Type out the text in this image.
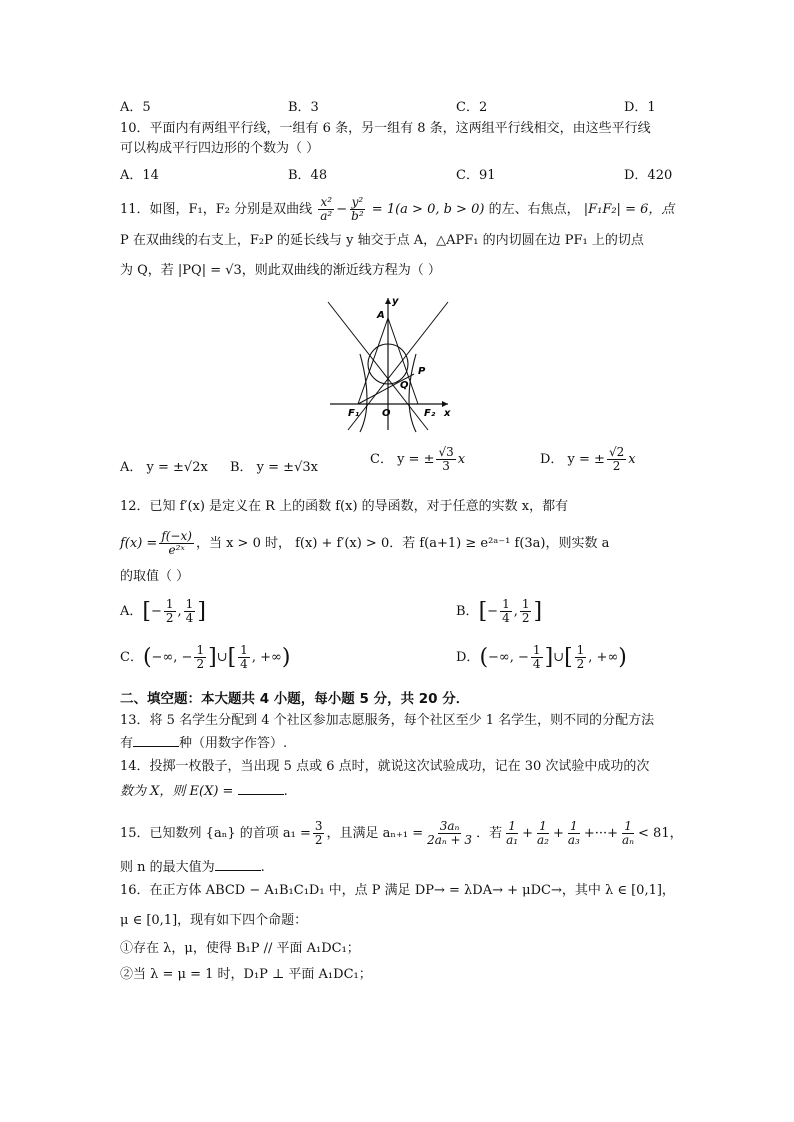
A．5	B．3	C．2	D．1
10．平面内有两组平行线，一组有 6 条，另一组有 8 条，这两组平行线相交，由这些平行线
可以构成平行四边形的个数为（ ）
A．14	B．48	C．91	D．420
11．如图，F₁，F₂ 分别是双曲线 $\frac{\text{x²}}{\text{a²}} - \frac{\text{y²}}{\text{b²}} = 1(a > 0$, b > 0) 的左、右焦点， |F₁F₂| = 6，点
P 在双曲线的右支上，F₂P 的延长线与 y 轴交于点 A，△APF₁ 的内切圆在边 PF₁ 上的切点
为 Q，若 |PQ| = √3，则此双曲线的渐近线方程为（ ）
y
x
A
O
Q
P
F₁	F₂
A． y = ±√2x B． y = ±√3x
C． y = ± $\frac{√3}{3}$ x	D． y = ± $\frac{√2}{2}$ x
12．已知 f′(x) 是定义在 R 上的函数 f(x) 的导函数，对于任意的实数 x，都有
$f(x) = \frac{f(-x)}{\text{e²ˣ}}$ ，当 x > 0 时， f(x) + f′(x) > 0．若 f(a+1) ≥ e²ᵃ⁻¹ f(3a)，则实数 a
的取值（ ）
A．[− $\frac{1}{2}$ , $\frac{1}{4}$ ]	B．[− $\frac{1}{4}$ , $\frac{1}{2}$ ]
C．(−∞, − $\frac{1}{2}$ ]∪[ $\frac{1}{4}$ , +∞)	D．(−∞, − $\frac{1}{4}$ ]∪[ $\frac{1}{2}$ , +∞)
二、填空题：本大题共 4 小题，每小题 5 分，共 20 分．
13．将 5 名学生分配到 4 个社区参加志愿服务，每个社区至少 1 名学生，则不同的分配方法
有	种（用数字作答）.
14．投掷一枚骰子，当出现 5 点或 6 点时，就说这次试验成功，记在 30 次试验中成功的次
数为 X，则 E(X) =	.
15．已知数列 {aₙ} 的首项 $a_1 = \frac{3}{2}$ ，且满足 $a_{n+1} = \frac{\text{3aₙ}}{\text{2aₙ + 3}}$ ．若 $\frac{1}{\text{a₁}} + \frac{1}{\text{a₂}} + \frac{1}{\text{a₃}}$ +···+ $\frac{1}{\text{aₙ}} < 81$，
则 n 的最大值为	.
16．在正方体 ABCD − A₁B₁C₁D₁ 中，点 P 满足 DP→ = λDA→ + μDC→，其中 λ ∈ [0,1]，
μ ∈ [0,1]，现有如下四个命题：
①存在 λ，μ，使得 B₁P // 平面 A₁DC₁；
②当 λ = μ = 1 时，D₁P ⊥ 平面 A₁DC₁；
